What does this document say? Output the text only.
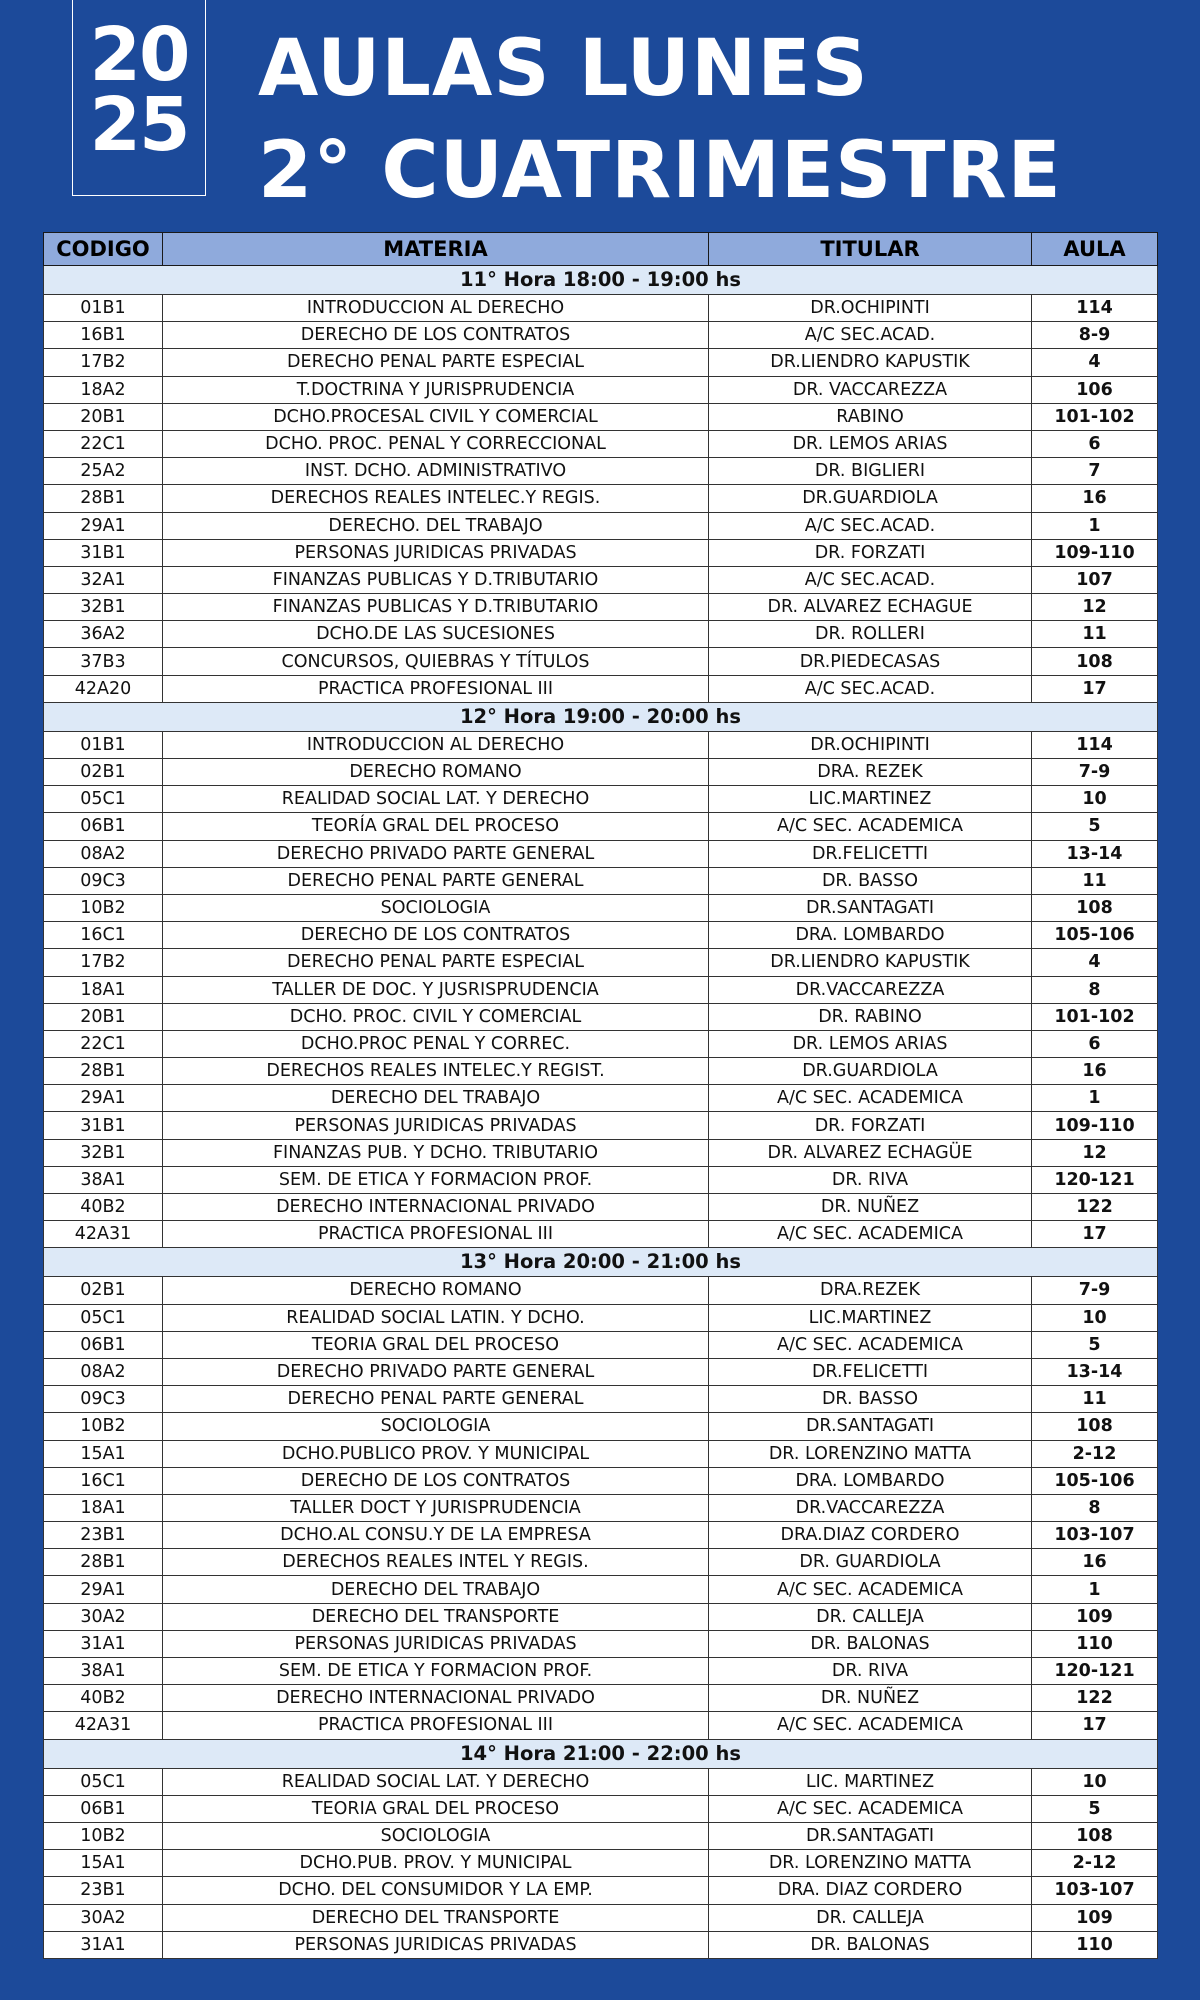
20
25
AULAS LUNES
2° CUATRIMESTRE
CODIGO	MATERIA	TITULAR	AULA
11° Hora 18:00 - 19:00 hs			
01B1	INTRODUCCION AL DERECHO	DR.OCHIPINTI	114
16B1	DERECHO DE LOS CONTRATOS	A/C SEC.ACAD.	8-9
17B2	DERECHO PENAL PARTE ESPECIAL	DR.LIENDRO KAPUSTIK	4
18A2	T.DOCTRINA Y JURISPRUDENCIA	DR. VACCAREZZA	106
20B1	DCHO.PROCESAL CIVIL Y COMERCIAL	RABINO	101-102
22C1	DCHO. PROC. PENAL Y CORRECCIONAL	DR. LEMOS ARIAS	6
25A2	INST. DCHO. ADMINISTRATIVO	DR. BIGLIERI	7
28B1	DERECHOS REALES INTELEC.Y REGIS.	DR.GUARDIOLA	16
29A1	DERECHO. DEL TRABAJO	A/C SEC.ACAD.	1
31B1	PERSONAS JURIDICAS PRIVADAS	DR. FORZATI	109-110
32A1	FINANZAS PUBLICAS Y D.TRIBUTARIO	A/C SEC.ACAD.	107
32B1	FINANZAS PUBLICAS Y D.TRIBUTARIO	DR. ALVAREZ ECHAGUE	12
36A2	DCHO.DE LAS SUCESIONES	DR. ROLLERI	11
37B3	CONCURSOS, QUIEBRAS Y TÍTULOS	DR.PIEDECASAS	108
42A20	PRACTICA PROFESIONAL III	A/C SEC.ACAD.	17
12° Hora 19:00 - 20:00 hs			
01B1	INTRODUCCION AL DERECHO	DR.OCHIPINTI	114
02B1	DERECHO ROMANO	DRA. REZEK	7-9
05C1	REALIDAD SOCIAL LAT. Y DERECHO	LIC.MARTINEZ	10
06B1	TEORÍA GRAL DEL PROCESO	A/C SEC. ACADEMICA	5
08A2	DERECHO PRIVADO PARTE GENERAL	DR.FELICETTI	13-14
09C3	DERECHO PENAL PARTE GENERAL	DR. BASSO	11
10B2	SOCIOLOGIA	DR.SANTAGATI	108
16C1	DERECHO DE LOS CONTRATOS	DRA. LOMBARDO	105-106
17B2	DERECHO PENAL PARTE ESPECIAL	DR.LIENDRO KAPUSTIK	4
18A1	TALLER DE DOC. Y JUSRISPRUDENCIA	DR.VACCAREZZA	8
20B1	DCHO. PROC. CIVIL Y COMERCIAL	DR. RABINO	101-102
22C1	DCHO.PROC PENAL Y CORREC.	DR. LEMOS ARIAS	6
28B1	DERECHOS REALES INTELEC.Y REGIST.	DR.GUARDIOLA	16
29A1	DERECHO DEL TRABAJO	A/C SEC. ACADEMICA	1
31B1	PERSONAS JURIDICAS PRIVADAS	DR. FORZATI	109-110
32B1	FINANZAS PUB. Y DCHO. TRIBUTARIO	DR. ALVAREZ ECHAGÜE	12
38A1	SEM. DE ETICA Y FORMACION PROF.	DR. RIVA	120-121
40B2	DERECHO INTERNACIONAL PRIVADO	DR. NUÑEZ	122
42A31	PRACTICA PROFESIONAL III	A/C SEC. ACADEMICA	17
13° Hora 20:00 - 21:00 hs			
02B1	DERECHO ROMANO	DRA.REZEK	7-9
05C1	REALIDAD SOCIAL LATIN. Y DCHO.	LIC.MARTINEZ	10
06B1	TEORIA GRAL DEL PROCESO	A/C SEC. ACADEMICA	5
08A2	DERECHO PRIVADO PARTE GENERAL	DR.FELICETTI	13-14
09C3	DERECHO PENAL PARTE GENERAL	DR. BASSO	11
10B2	SOCIOLOGIA	DR.SANTAGATI	108
15A1	DCHO.PUBLICO PROV. Y MUNICIPAL	DR. LORENZINO MATTA	2-12
16C1	DERECHO DE LOS CONTRATOS	DRA. LOMBARDO	105-106
18A1	TALLER DOCT Y JURISPRUDENCIA	DR.VACCAREZZA	8
23B1	DCHO.AL CONSU.Y DE LA EMPRESA	DRA.DIAZ CORDERO	103-107
28B1	DERECHOS REALES INTEL Y REGIS.	DR. GUARDIOLA	16
29A1	DERECHO DEL TRABAJO	A/C SEC. ACADEMICA	1
30A2	DERECHO DEL TRANSPORTE	DR. CALLEJA	109
31A1	PERSONAS JURIDICAS PRIVADAS	DR. BALONAS	110
38A1	SEM. DE ETICA Y FORMACION PROF.	DR. RIVA	120-121
40B2	DERECHO INTERNACIONAL PRIVADO	DR. NUÑEZ	122
42A31	PRACTICA PROFESIONAL III	A/C SEC. ACADEMICA	17
14° Hora 21:00 - 22:00 hs			
05C1	REALIDAD SOCIAL LAT. Y DERECHO	LIC. MARTINEZ	10
06B1	TEORIA GRAL DEL PROCESO	A/C SEC. ACADEMICA	5
10B2	SOCIOLOGIA	DR.SANTAGATI	108
15A1	DCHO.PUB. PROV. Y MUNICIPAL	DR. LORENZINO MATTA	2-12
23B1	DCHO. DEL CONSUMIDOR Y LA EMP.	DRA. DIAZ CORDERO	103-107
30A2	DERECHO DEL TRANSPORTE	DR. CALLEJA	109
31A1	PERSONAS JURIDICAS PRIVADAS	DR. BALONAS	110
